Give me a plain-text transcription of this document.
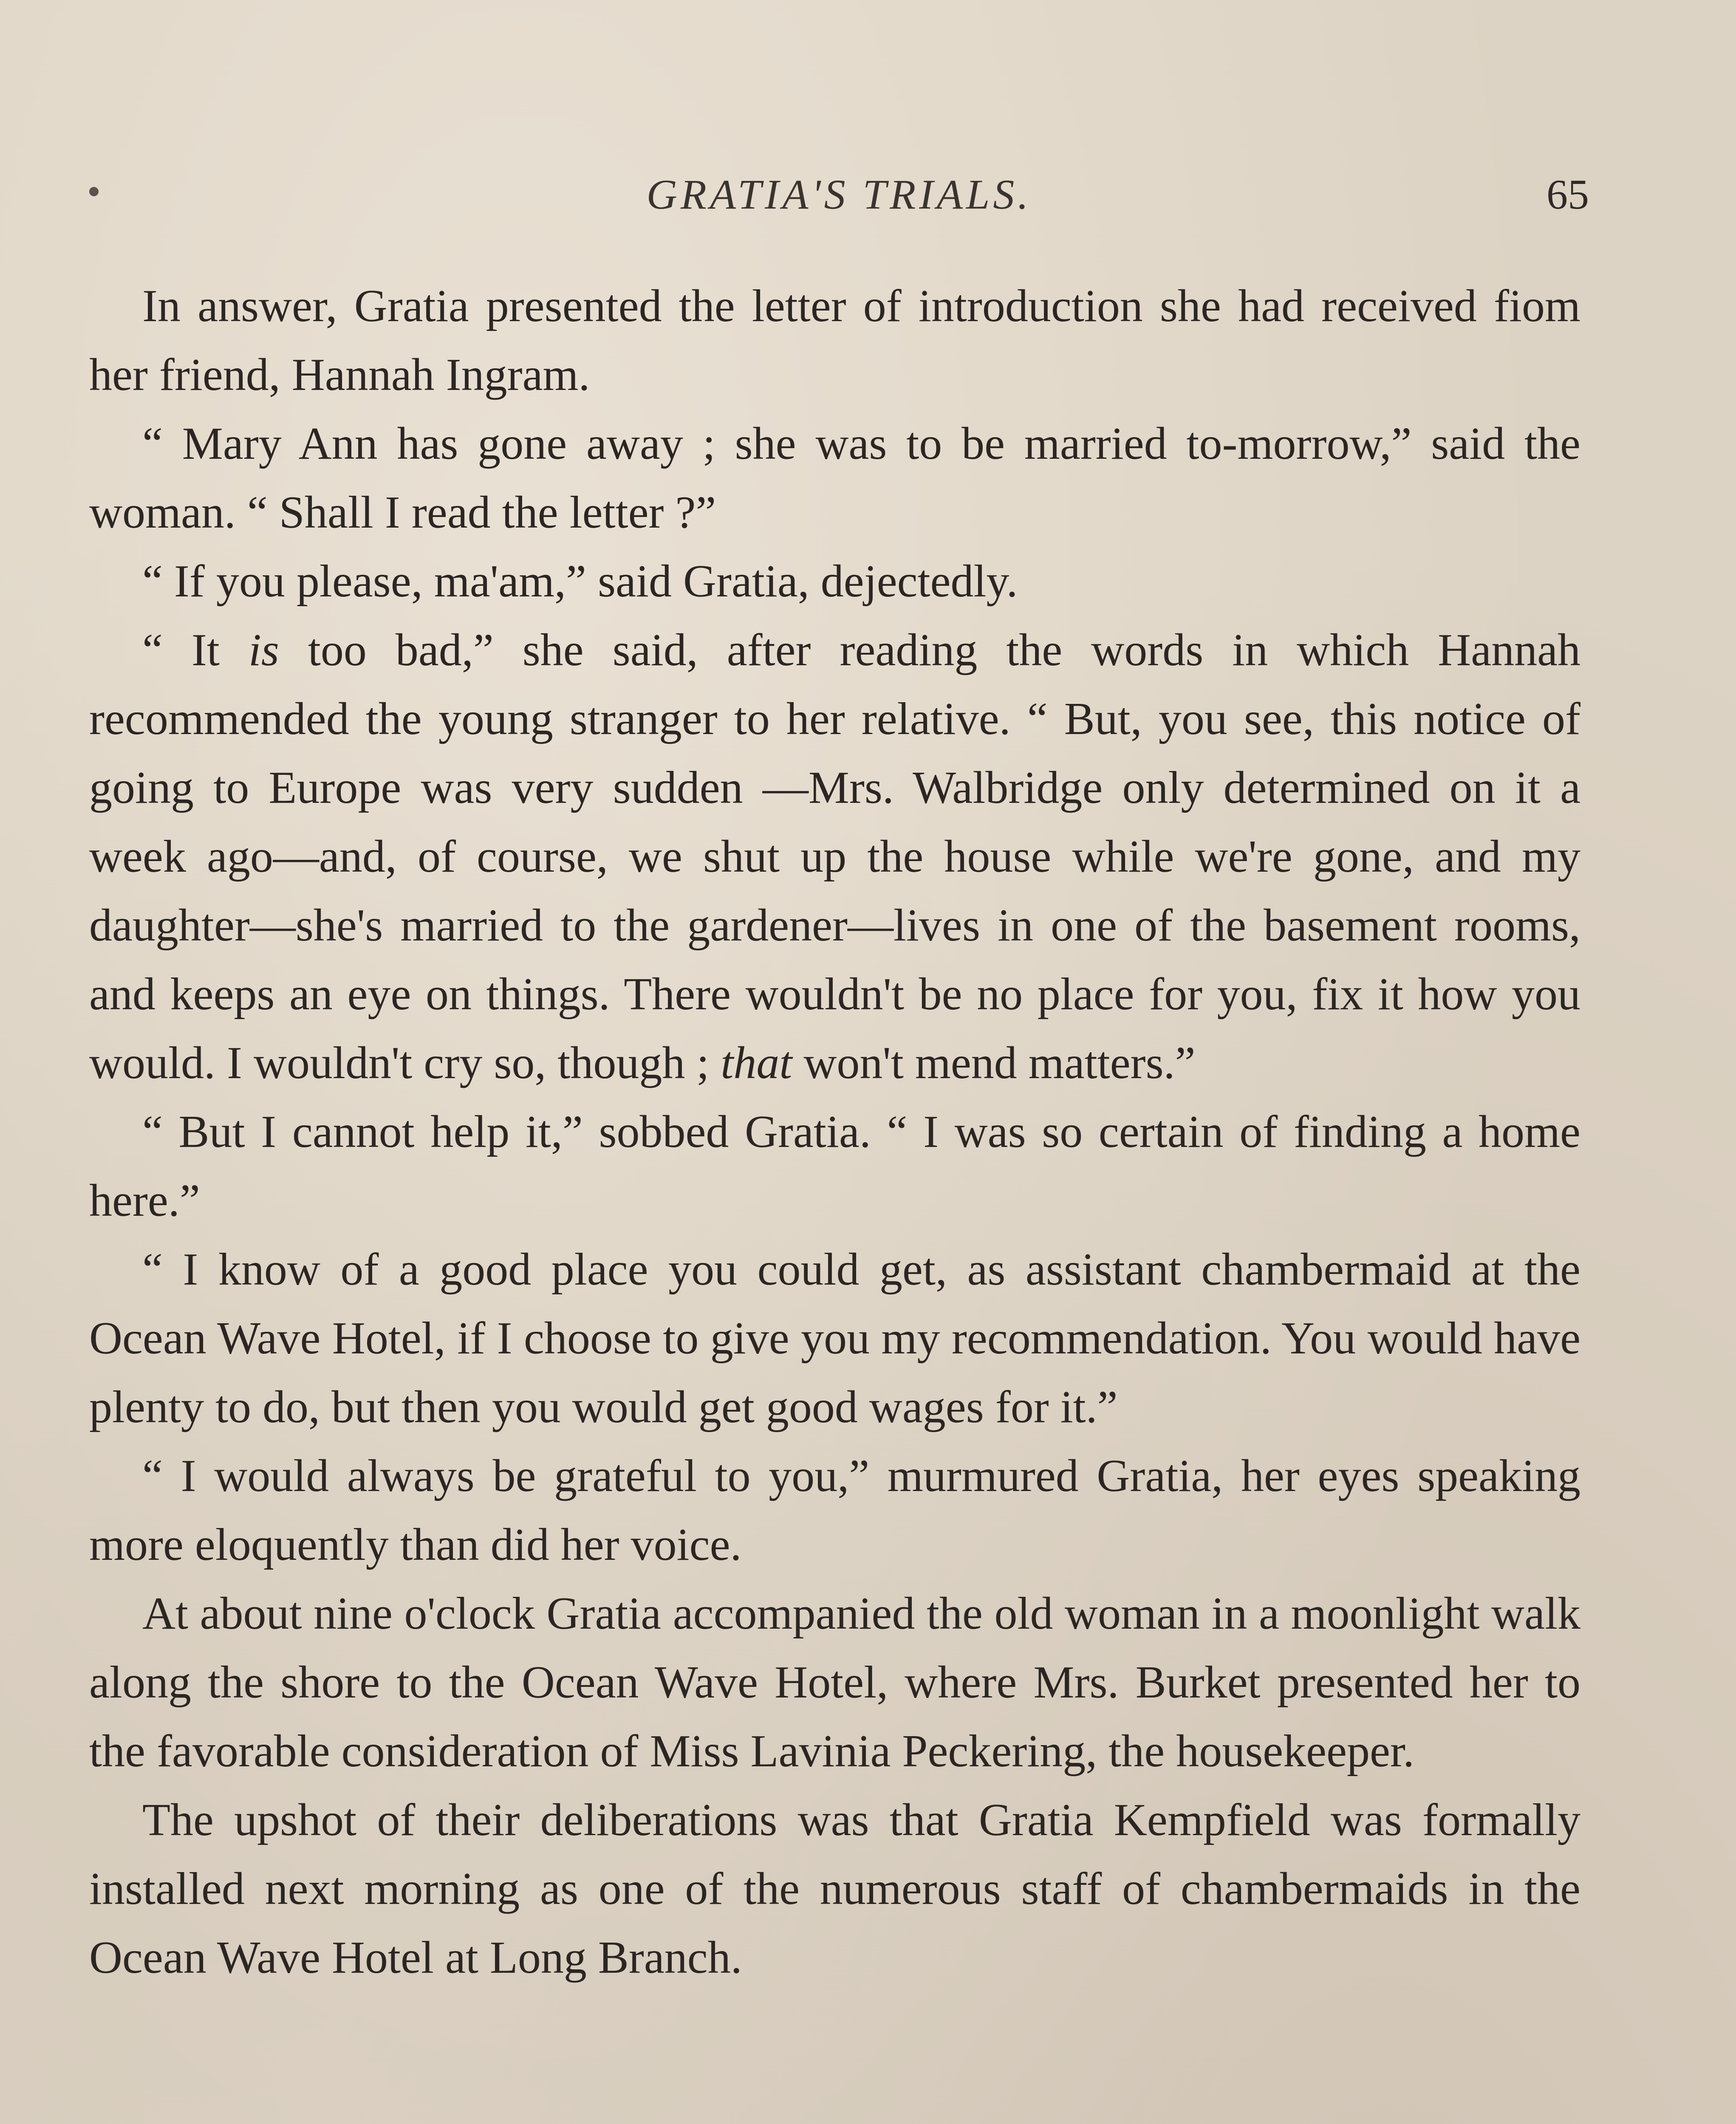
GRATIA'S TRIALS.	65

In answer, Gratia presented the letter of introduction she had received fiom her friend, Hannah Ingram.

“ Mary Ann has gone away ; she was to be married to-morrow,” said the woman. “ Shall I read the letter ?”

“ If you please, ma'am,” said Gratia, dejectedly.

“ It is too bad,” she said, after reading the words in which Hannah recommended the young stranger to her relative. “ But, you see, this notice of going to Europe was very sudden —Mrs. Walbridge only determined on it a week ago—and, of course, we shut up the house while we're gone, and my daughter—she's married to the gardener—lives in one of the basement rooms, and keeps an eye on things. There wouldn't be no place for you, fix it how you would. I wouldn't cry so, though ; that won't mend matters.”

“ But I cannot help it,” sobbed Gratia. “ I was so certain of finding a home here.”

“ I know of a good place you could get, as assistant chambermaid at the Ocean Wave Hotel, if I choose to give you my recommendation. You would have plenty to do, but then you would get good wages for it.”

“ I would always be grateful to you,” murmured Gratia, her eyes speaking more eloquently than did her voice.

At about nine o'clock Gratia accompanied the old woman in a moonlight walk along the shore to the Ocean Wave Hotel, where Mrs. Burket presented her to the favorable consideration of Miss Lavinia Peckering, the housekeeper.

The upshot of their deliberations was that Gratia Kempfield was formally installed next morning as one of the numerous staff of chambermaids in the Ocean Wave Hotel at Long Branch.
